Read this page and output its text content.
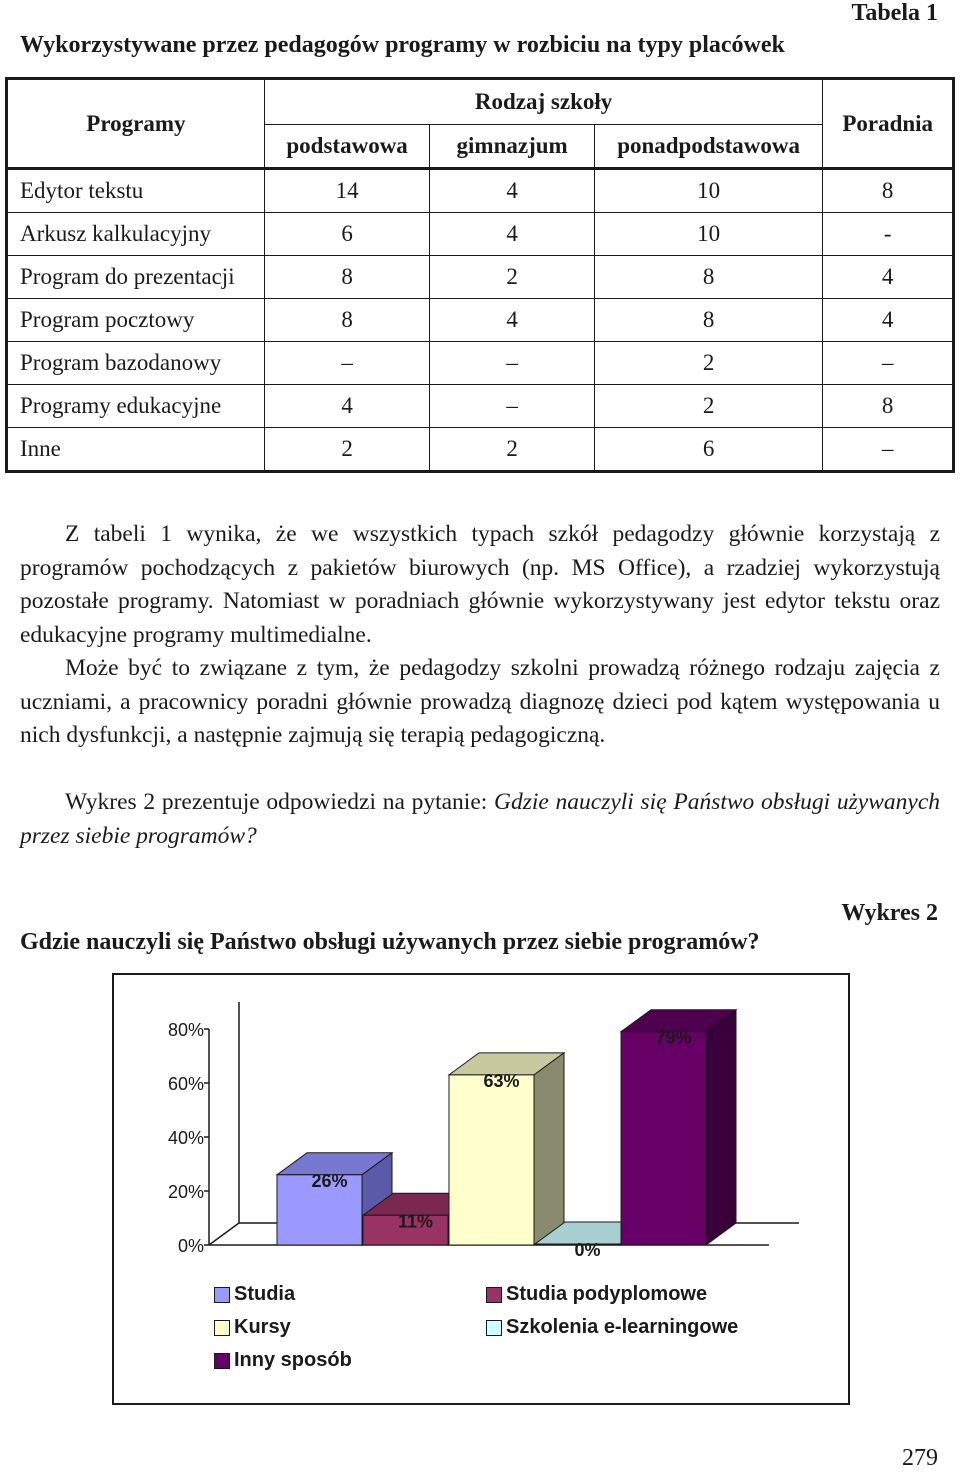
Tabela 1
Wykorzystywane przez pedagogów programy w rozbiciu na typy placówek
Programy	Rodzaj szkoły			Poradnia
	podstawowa	gimnazjum	ponadpodstawowa	
Edytor tekstu	14	4	10	8
Arkusz kalkulacyjny	6	4	10	-
Program do prezentacji	8	2	8	4
Program pocztowy	8	4	8	4
Program bazodanowy	–	–	2	–
Programy edukacyjne	4	–	2	8
Inne	2	2	6	–
Z tabeli 1 wynika, że we wszystkich typach szkół pedagodzy głównie korzystają z programów pochodzących z pakietów biurowych (np. MS Office), a rzadziej wykorzystują pozostałe programy. Natomiast w poradniach głównie wykorzystywany jest edytor tekstu oraz edukacyjne programy multimedialne.
Może być to związane z tym, że pedagodzy szkolni prowadzą różnego rodzaju zajęcia z uczniami, a pracownicy poradni głównie prowadzą diagnozę dzieci pod kątem występowania u nich dysfunkcji, a następnie zajmują się terapią pedagogiczną.
Wykres 2 prezentuje odpowiedzi na pytanie: Gdzie nauczyli się Państwo obsługi używanych przez siebie programów?
Wykres 2
Gdzie nauczyli się Państwo obsługi używanych przez siebie programów?
0%
20%
40%
60%
80%
26%
11%
63%
0%
79%
Studia	Studia podyplomowe
Kursy	Szkolenia e-learningowe
Inny sposób
279
